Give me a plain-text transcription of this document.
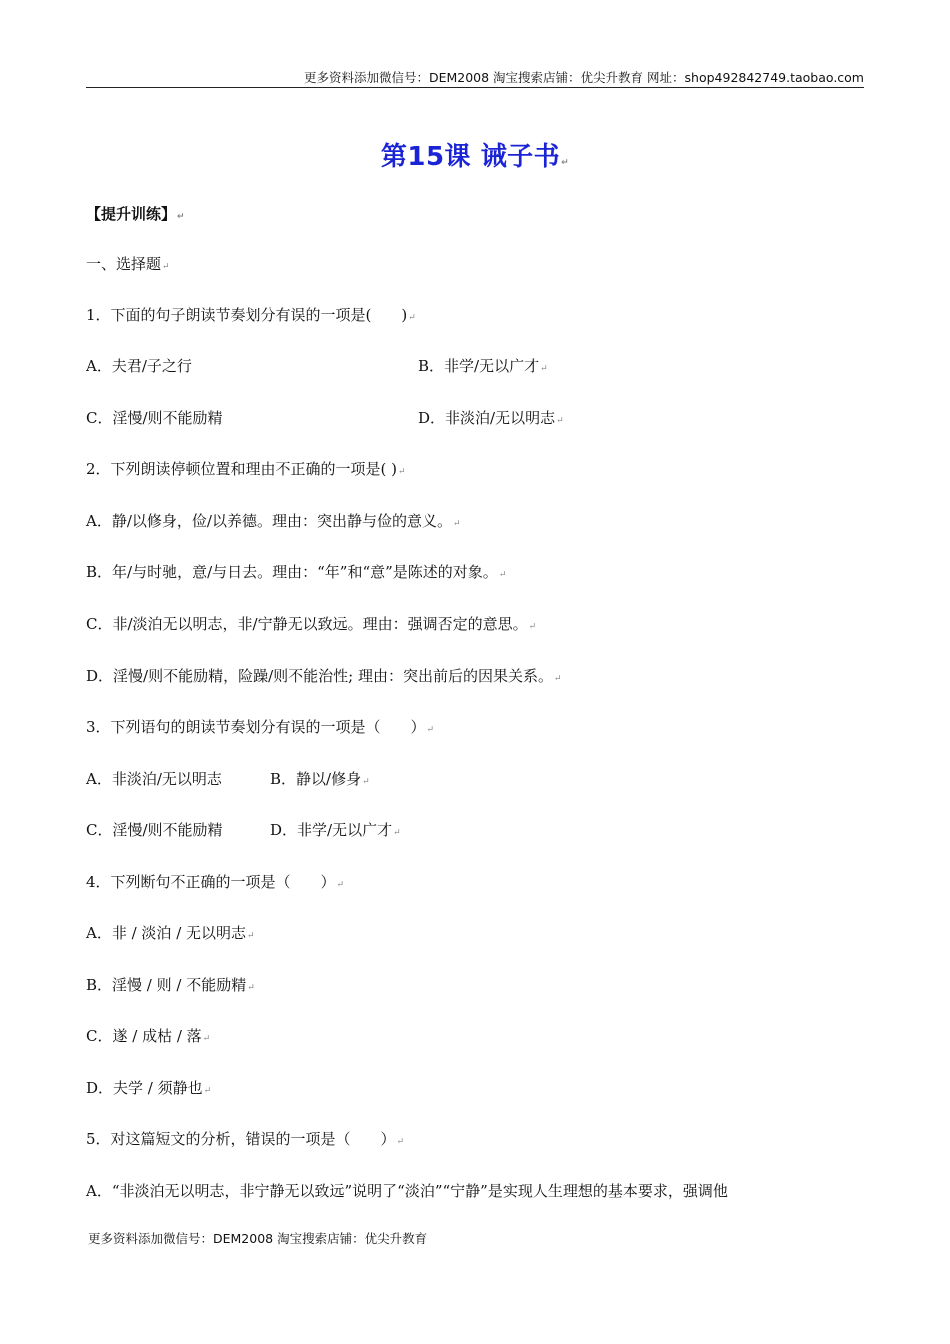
更多资料添加微信号：DEM2008 淘宝搜索店铺：优尖升教育 网址：shop492842749.taobao.com
第15课 诫子书↵
【提升训练】↵
一、选择题↵
1．下面的句子朗读节奏划分有误的一项是(　　)↵
A．夫君/子之行	B．非学/无以广才↵
C．淫慢/则不能励精	D．非淡泊/无以明志↵
2．下列朗读停顿位置和理由不正确的一项是( )↵
A．静/以修身，俭/以养德。理由：突出静与俭的意义。↵
B．年/与时驰，意/与日去。理由：“年”和“意”是陈述的对象。↵
C．非/淡泊无以明志，非/宁静无以致远。理由：强调否定的意思。↵
D．淫慢/则不能励精，险躁/则不能治性; 理由：突出前后的因果关系。↵
3．下列语句的朗读节奏划分有误的一项是（　　）↵
A．非淡泊/无以明志	B．静以/修身↵
C．淫慢/则不能励精	D．非学/无以广才↵
4．下列断句不正确的一项是（　　）↵
A．非 / 淡泊 / 无以明志↵
B．淫慢 / 则 / 不能励精↵
C．遂 / 成枯 / 落↵
D．夫学 / 须静也↵
5．对这篇短文的分析，错误的一项是（　　）↵
A．“非淡泊无以明志，非宁静无以致远”说明了“淡泊”“宁静”是实现人生理想的基本要求，强调他
更多资料添加微信号：DEM2008 淘宝搜索店铺：优尖升教育
